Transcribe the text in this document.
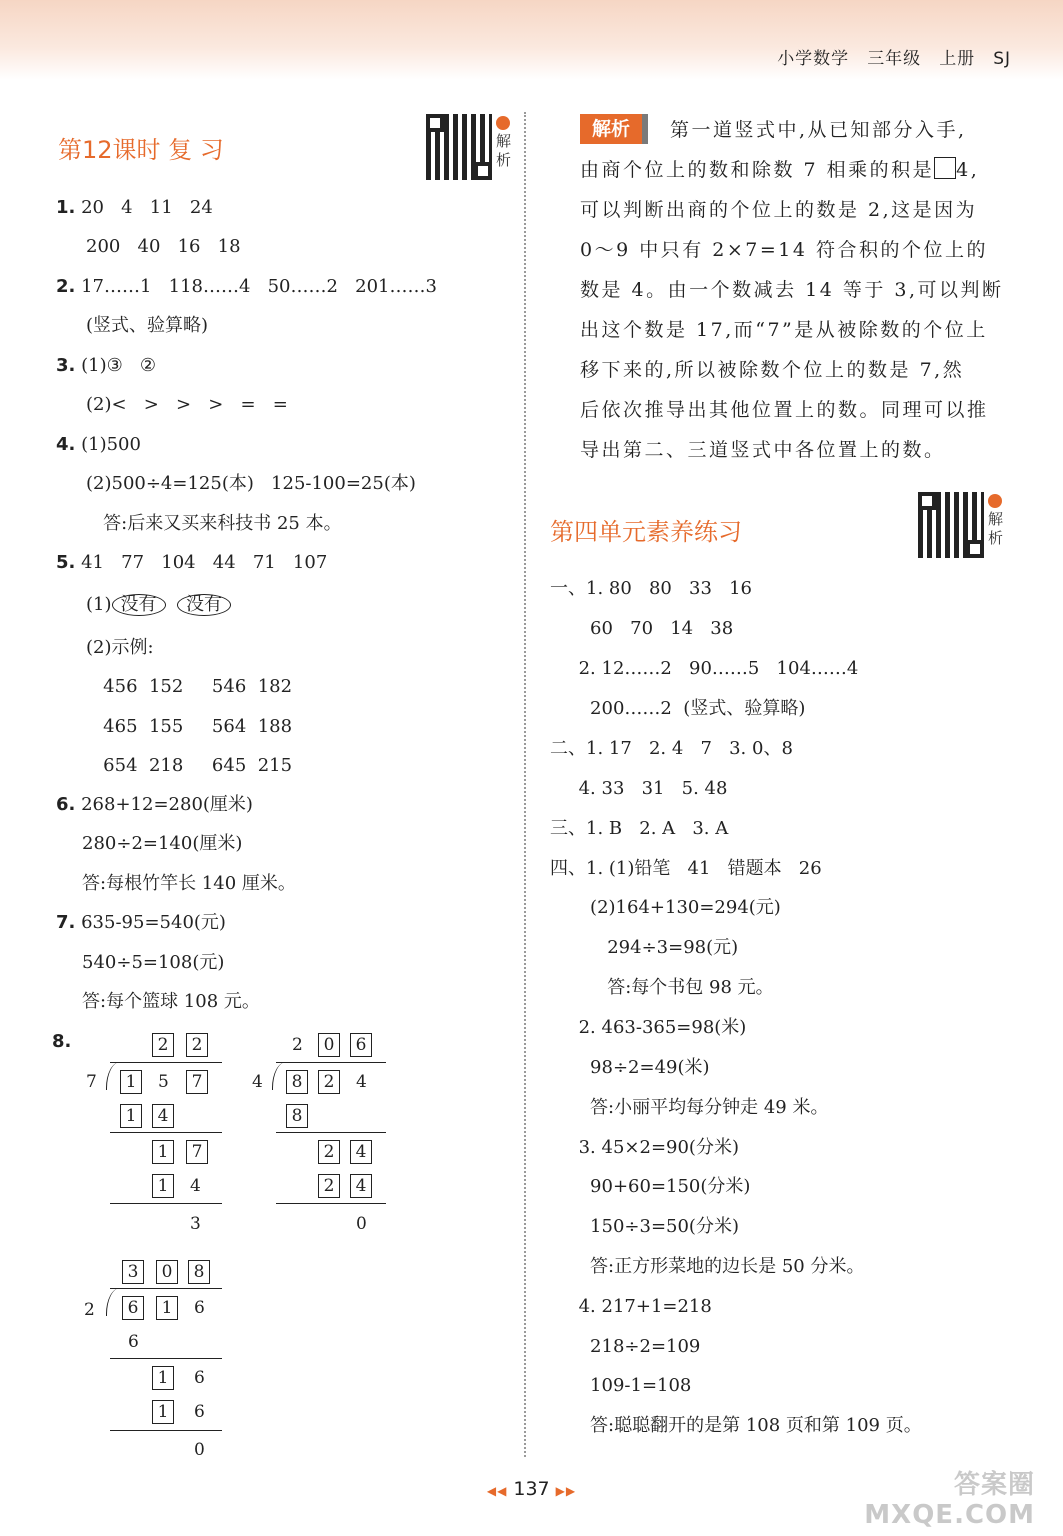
小学数学 三年级 上册 SJ
第12课时 复 习	解
析
1. 20   4   11   24
200   40   16   18
2. 17……1   118……4   50……2   201……3
(竖式、验算略)
3. (1)③   ②
(2)<   >   >   >   =   =
4. (1)500
(2)500÷4=125(本)   125-100=25(本)
答:后来又买来科技书 25 本。
5. 41   77   104   44   71   107
(1) 没有 没有
(2)示例:
456  152     546  182
465  155     564  188
654  218     645  215
6. 268+12=280(厘米)
280÷2=140(厘米)
答:每根竹竿长 140 厘米。
7. 635-95=540(元)
540÷5=108(元)
答:每个篮球 108 元。
8.	2	2
7	1	5	7
1	4
1	7
1	4
3
2	0	6
4	8	2	4
8
2	4
2	4
0
3	0	8
2	6	1	6
6
1	6
1	6
0
解析	第一道竖式中,从已知部分入手,
由商个位上的数和除数 7 相乘的积是 4,
可以判断出商的个位上的数是 2,这是因为
0～9 中只有 2×7=14 符合积的个位上的
数是 4。由一个数减去 14 等于 3,可以判断
出这个数是 17,而“7”是从被除数的个位上
移下来的,所以被除数个位上的数是 7,然
后依次推导出其他位置上的数。同理可以推
导出第二、三道竖式中各位置上的数。
第四单元素养练习	解
析
一、1. 80   80   33   16
60   70   14   38
2. 12……2   90……5   104……4
200……2  (竖式、验算略)
二、1. 17   2. 4   7   3. 0、8
4. 33   31   5. 48
三、1. B   2. A   3. A
四、1. (1)铅笔   41   错题本   26
(2)164+130=294(元)
294÷3=98(元)
答:每个书包 98 元。
2. 463-365=98(米)
98÷2=49(米)
答:小丽平均每分钟走 49 米。
3. 45×2=90(分米)
90+60=150(分米)
150÷3=50(分米)
答:正方形菜地的边长是 50 分米。
4. 217+1=218
218÷2=109
109-1=108
答:聪聪翻开的是第 108 页和第 109 页。
◀◀ 137 ▶▶	答案圈
MXQE.COM
